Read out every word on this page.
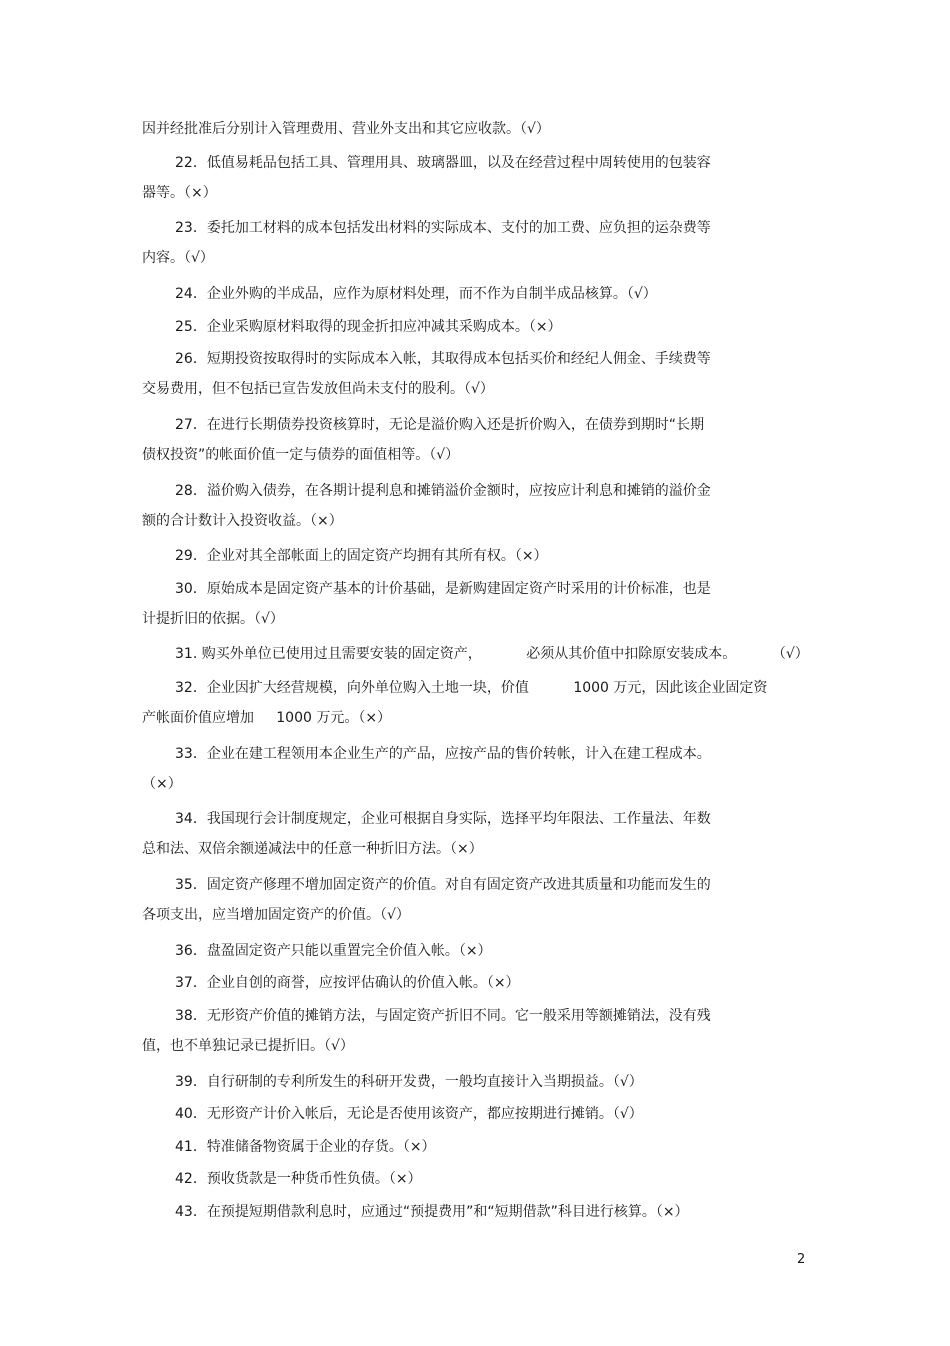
因并经批准后分别计入管理费用、营业外支出和其它应收款。（√）
22．低值易耗品包括工具、管理用具、玻璃器皿，以及在经营过程中周转使用的包装容
器等。（×）
23．委托加工材料的成本包括发出材料的实际成本、支付的加工费、应负担的运杂费等
内容。（√）
24．企业外购的半成品，应作为原材料处理，而不作为自制半成品核算。（√）
25．企业采购原材料取得的现金折扣应冲减其采购成本。（×）
26．短期投资按取得时的实际成本入帐，其取得成本包括买价和经纪人佣金、手续费等
交易费用，但不包括已宣告发放但尚未支付的股利。（√）
27．在进行长期债券投资核算时，无论是溢价购入还是折价购入，在债券到期时“长期
债权投资”的帐面价值一定与债券的面值相等。（√）
28．溢价购入债券，在各期计提利息和摊销溢价金额时，应按应计利息和摊销的溢价金
额的合计数计入投资收益。（×）
29．企业对其全部帐面上的固定资产均拥有其所有权。（×）
30．原始成本是固定资产基本的计价基础，是新购建固定资产时采用的计价标准，也是
计提折旧的依据。（√）
31. 购买外单位已使用过且需要安装的固定资产，          必须从其价值中扣除原安装成本。        （√）
32．企业因扩大经营规模，向外单位购入土地一块，价值          1000 万元，因此该企业固定资
产帐面价值应增加     1000 万元。（×）
33．企业在建工程领用本企业生产的产品，应按产品的售价转帐，计入在建工程成本。
（×）
34．我国现行会计制度规定，企业可根据自身实际，选择平均年限法、工作量法、年数
总和法、双倍余额递减法中的任意一种折旧方法。（×）
35．固定资产修理不增加固定资产的价值。对自有固定资产改进其质量和功能而发生的
各项支出，应当增加固定资产的价值。（√）
36．盘盈固定资产只能以重置完全价值入帐。（×）
37．企业自创的商誉，应按评估确认的价值入帐。（×）
38．无形资产价值的摊销方法，与固定资产折旧不同。它一般采用等额摊销法，没有残
值，也不单独记录已提折旧。（√）
39．自行研制的专利所发生的科研开发费，一般均直接计入当期损益。（√）
40．无形资产计价入帐后，无论是否使用该资产，都应按期进行摊销。（√）
41．特准储备物资属于企业的存货。（×）
42．预收货款是一种货币性负债。（×）
43．在预提短期借款利息时，应通过“预提费用”和“短期借款”科目进行核算。（×）
2
